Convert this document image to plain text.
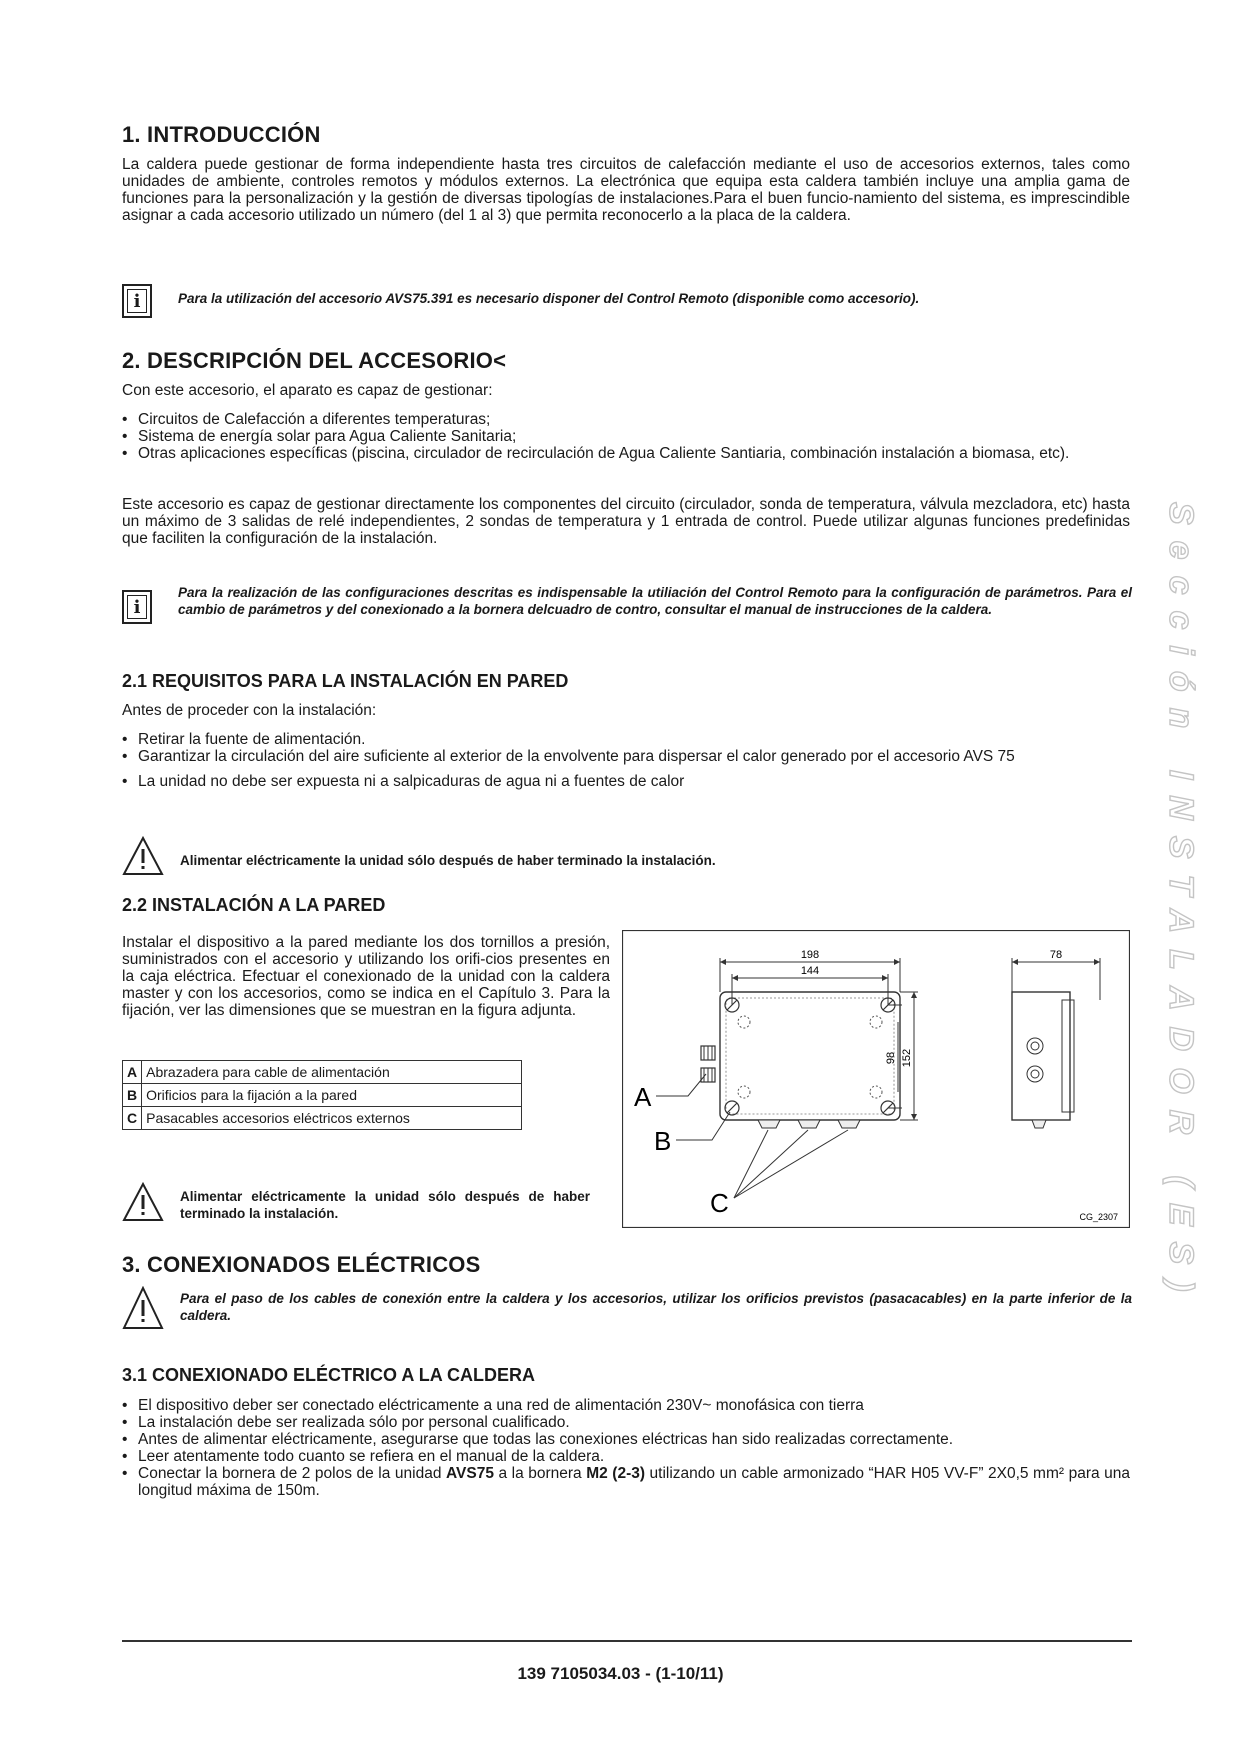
1. INTRODUCCIÓN

La caldera puede gestionar de forma independiente hasta tres circuitos de calefacción mediante el uso de accesorios externos, tales como unidades de ambiente, controles remotos y módulos externos. La electrónica que equipa esta caldera también incluye una amplia gama de funciones para la personalización y la gestión de diversas tipologías de instalaciones.Para el buen funcio-namiento del sistema, es imprescindible asignar a cada accesorio utilizado un número (del 1 al 3) que permita reconocerlo a la placa de la caldera.

i	Para la utilización del accesorio AVS75.391 es necesario disponer del Control Remoto (disponible como accesorio).
2. DESCRIPCIÓN DEL ACCESORIO<

Con este accesorio, el aparato es capaz de gestionar:

• Circuitos de Calefacción a diferentes temperaturas;
• Sistema de energía solar para Agua Caliente Sanitaria;
• Otras aplicaciones específicas (piscina, circulador de recirculación de Agua Caliente Santiaria, combinación instalación a biomasa, etc).

Este accesorio es capaz de gestionar directamente los componentes del circuito (circulador, sonda de temperatura, válvula mezcladora, etc) hasta un máximo de 3 salidas de relé independientes, 2 sondas de temperatura y 1 entrada de control. Puede utilizar algunas funciones predefinidas que faciliten la configuración de la instalación.

i
Para la realización de las configuraciones descritas es indispensable la utiliación del Control Remoto para la configuración de parámetros. Para el cambio de parámetros y del conexionado a la bornera delcuadro de contro, consultar el manual de instrucciones de la caldera.
2.1 REQUISITOS PARA LA INSTALACIÓN EN PARED

Antes de proceder con la instalación:

• Retirar la fuente de alimentación.
• Garantizar la circulación del aire suficiente al exterior de la envolvente para dispersar el calor generado por el accesorio AVS 75
• La unidad no debe ser expuesta ni a salpicaduras de agua ni a fuentes de calor
Alimentar eléctricamente la unidad sólo después de haber terminado la instalación.
2.2 INSTALACIÓN A LA PARED

Instalar el dispositivo a la pared mediante los dos tornillos a presión, suministrados con el accesorio y utilizando los orifi-cios presentes en la caja eléctrica. Efectuar el conexionado de la unidad con la caldera master y con los accesorios, como se indica en el Capítulo 3. Para la fijación, ver las dimensiones que se muestran en la figura adjunta.

A	Abrazadera para cable de alimentación
B	Orificios para la fijación a la pared
C	Pasacables accesorios eléctricos externos
Alimentar eléctricamente la unidad sólo después de haber terminado la instalación.
198
144
98 152
78
A
B
C	CG_2307
3. CONEXIONADOS ELÉCTRICOS
Para el paso de los cables de conexión entre la caldera y los accesorios, utilizar los orificios previstos (pasacacables) en la parte inferior de la caldera.
3.1 CONEXIONADO ELÉCTRICO A LA CALDERA
• El dispositivo deber ser conectado eléctricamente a una red de alimentación 230V~ monofásica con tierra
• La instalación debe ser realizada sólo por personal cualificado.
• Antes de alimentar eléctricamente, asegurarse que todas las conexiones eléctricas han sido realizadas correctamente.
• Leer atentamente todo cuanto se refiera en el manual de la caldera.
• Conectar la bornera de 2 polos de la unidad AVS75 a la bornera M2 (2-3) utilizando un cable armonizado “HAR H05 VV-F” 2X0,5 mm² para una longitud máxima de 150m.
Sección INSTALADOR (ES)
139 7105034.03 - (1-10/11)
